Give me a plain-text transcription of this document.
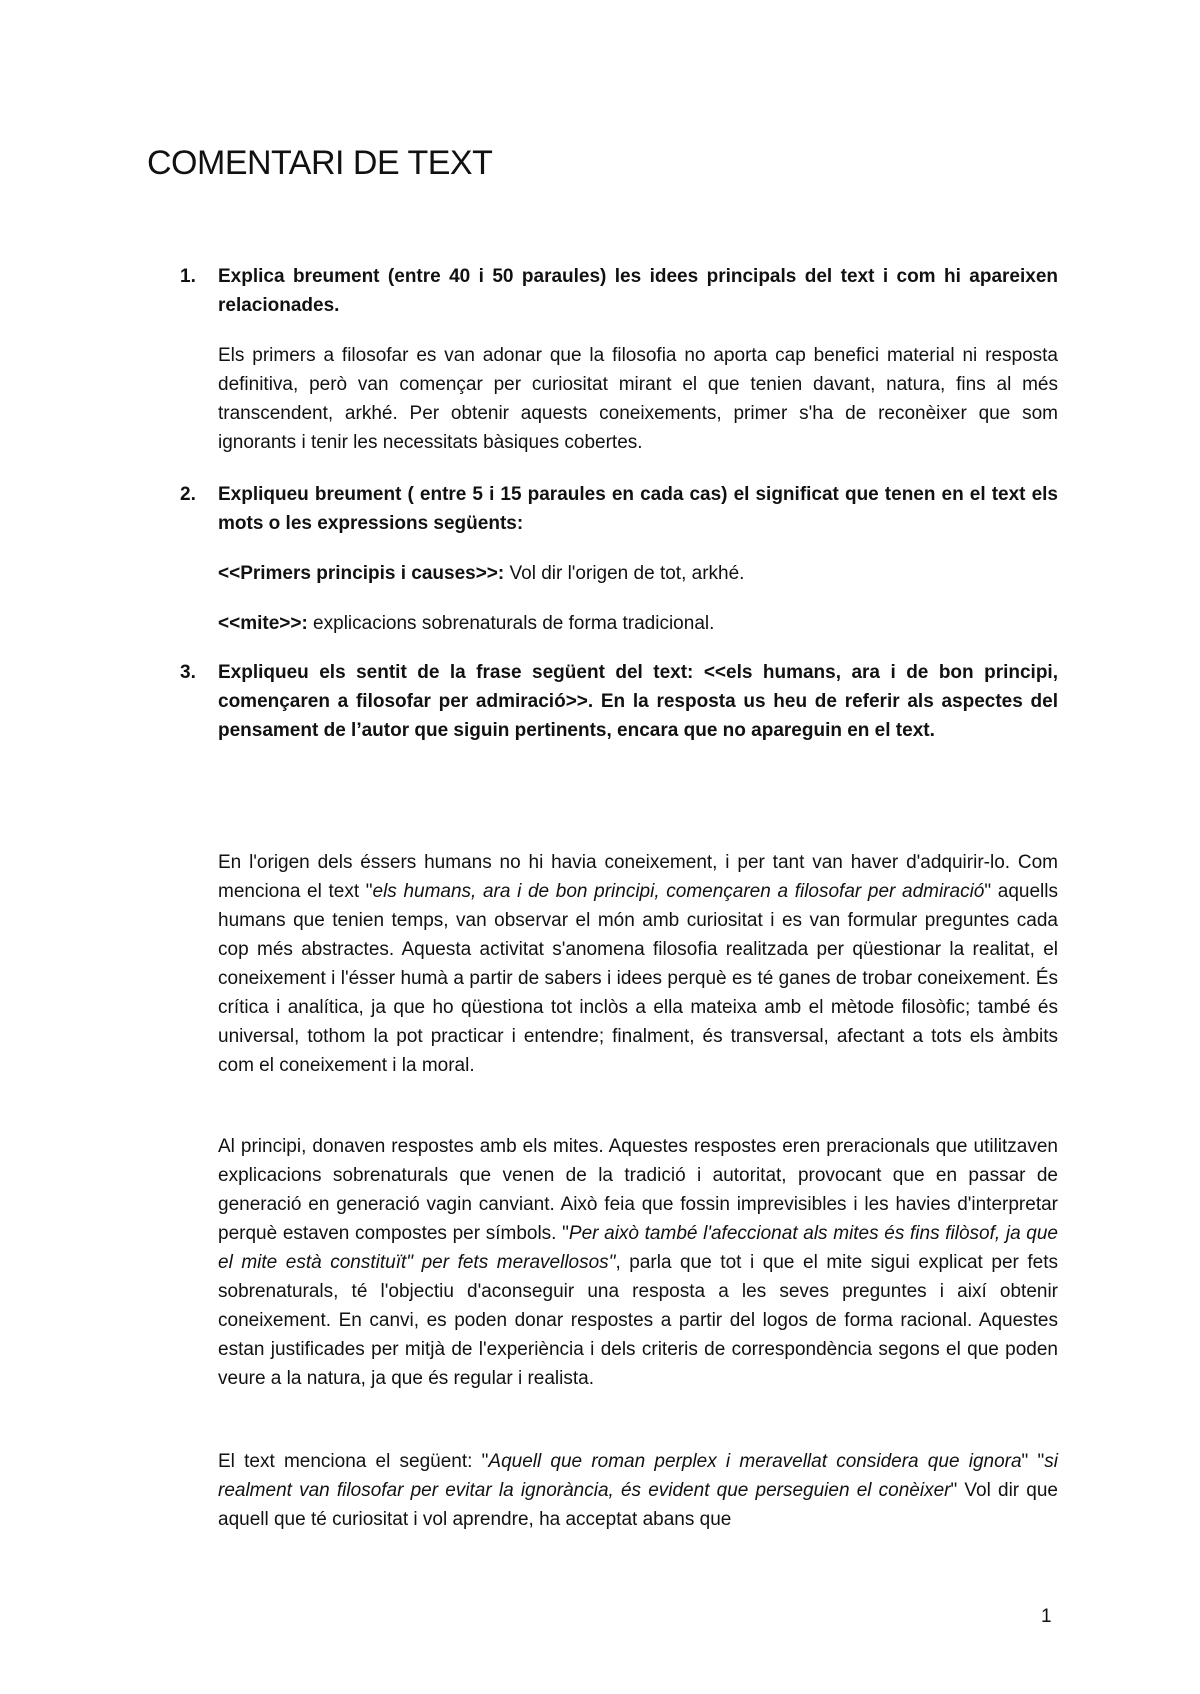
COMENTARI DE TEXT
1. Explica breument (entre 40 i 50 paraules) les idees principals del text i com hi apareixen relacionades.

Els primers a filosofar es van adonar que la filosofia no aporta cap benefici material ni resposta definitiva, però van començar per curiositat mirant el que tenien davant, natura, fins al més transcendent, arkhé. Per obtenir aquests coneixements, primer s'ha de reconèixer que som ignorants i tenir les necessitats bàsiques cobertes.

2. Expliqueu breument ( entre 5 i 15 paraules en cada cas) el significat que tenen en el text els mots o les expressions següents:

<<Primers principis i causes>>: Vol dir l'origen de tot, arkhé.

<<mite>>: explicacions sobrenaturals de forma tradicional.

3. Expliqueu els sentit de la frase següent del text: <<els humans, ara i de bon principi, començaren a filosofar per admiració>>. En la resposta us heu de referir als aspectes del pensament de l’autor que siguin pertinents, encara que no apareguin en el text.

En l'origen dels éssers humans no hi havia coneixement, i per tant van haver d'adquirir-lo. Com menciona el text "els humans, ara i de bon principi, començaren a filosofar per admiració" aquells humans que tenien temps, van observar el món amb curiositat i es van formular preguntes cada cop més abstractes. Aquesta activitat s'anomena filosofia realitzada per qüestionar la realitat, el coneixement i l'ésser humà a partir de sabers i idees perquè es té ganes de trobar coneixement. És crítica i analítica, ja que ho qüestiona tot inclòs a ella mateixa amb el mètode filosòfic; també és universal, tothom la pot practicar i entendre; finalment, és transversal, afectant a tots els àmbits com el coneixement i la moral.

Al principi, donaven respostes amb els mites. Aquestes respostes eren preracionals que utilitzaven explicacions sobrenaturals que venen de la tradició i autoritat, provocant que en passar de generació en generació vagin canviant. Això feia que fossin imprevisibles i les havies d'interpretar perquè estaven compostes per símbols. "Per això també l'afeccionat als mites és fins filòsof, ja que el mite està constituït" per fets meravellosos", parla que tot i que el mite sigui explicat per fets sobrenaturals, té l'objectiu d'aconseguir una resposta a les seves preguntes i així obtenir coneixement. En canvi, es poden donar respostes a partir del logos de forma racional. Aquestes estan justificades per mitjà de l'experiència i dels criteris de correspondència segons el que poden veure a la natura, ja que és regular i realista.

El text menciona el següent: "Aquell que roman perplex i meravellat considera que ignora" "si realment van filosofar per evitar la ignorància, és evident que perseguien el conèixer" Vol dir que aquell que té curiositat i vol aprendre, ha acceptat abans que

1
